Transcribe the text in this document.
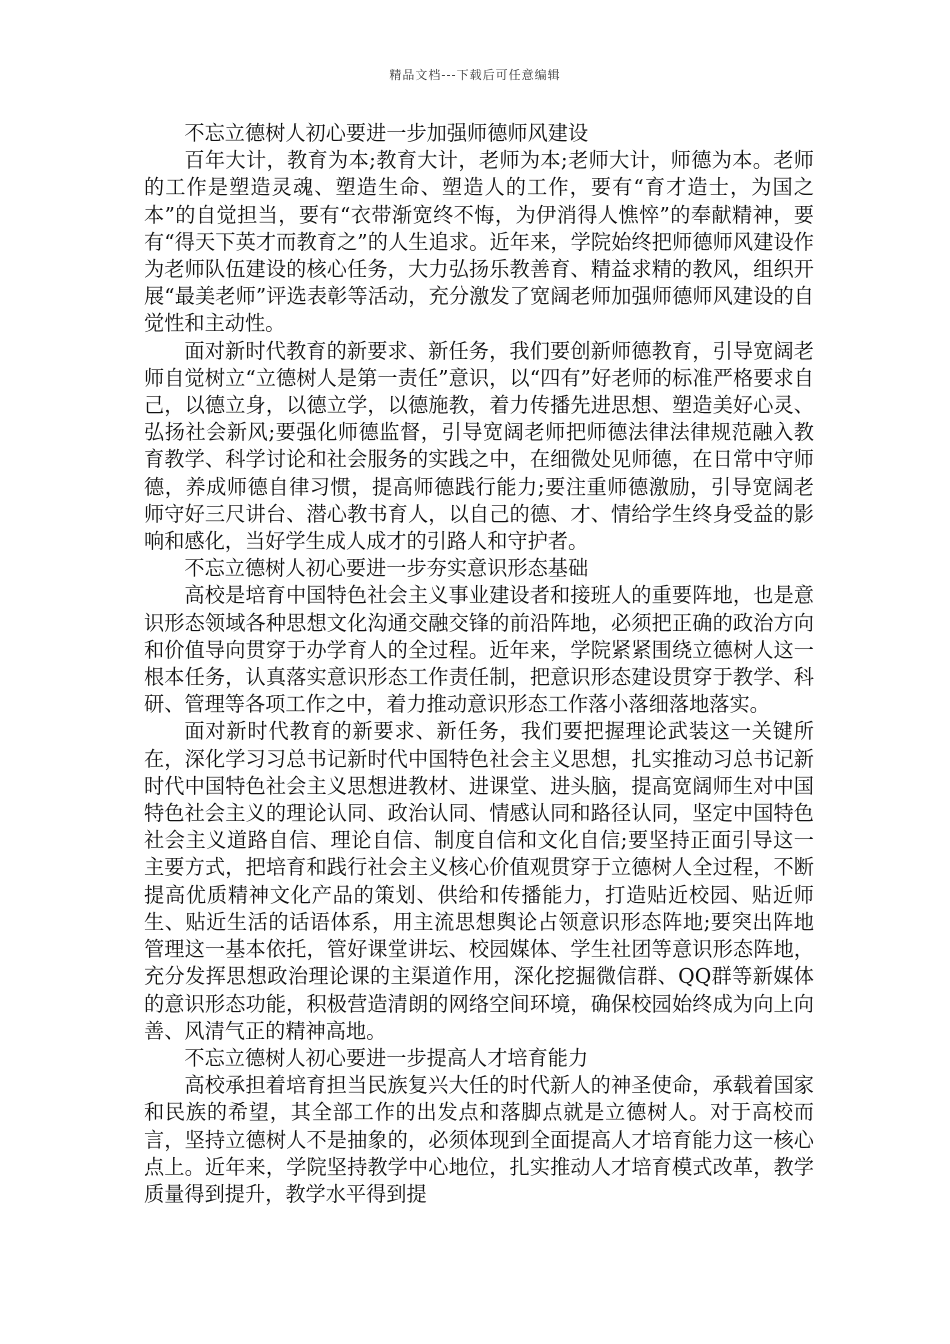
精品文档---下载后可任意编辑

不忘立德树人初心要进一步加强师德师风建设

百年大计，教育为本;教育大计，老师为本;老师大计，师德为本。老师的工作是塑造灵魂、塑造生命、塑造人的工作，要有“育才造士，为国之本”的自觉担当，要有“衣带渐宽终不悔，为伊消得人憔悴”的奉献精神，要有“得天下英才而教育之”的人生追求。近年来，学院始终把师德师风建设作为老师队伍建设的核心任务，大力弘扬乐教善育、精益求精的教风，组织开展“最美老师”评选表彰等活动，充分激发了宽阔老师加强师德师风建设的自觉性和主动性。

面对新时代教育的新要求、新任务，我们要创新师德教育，引导宽阔老师自觉树立“立德树人是第一责任”意识，以“四有”好老师的标准严格要求自己，以德立身，以德立学，以德施教，着力传播先进思想、塑造美好心灵、弘扬社会新风;要强化师德监督，引导宽阔老师把师德法律法律规范融入教育教学、科学讨论和社会服务的实践之中，在细微处见师德，在日常中守师德，养成师德自律习惯，提高师德践行能力;要注重师德激励，引导宽阔老师守好三尺讲台、潜心教书育人，以自己的德、才、情给学生终身受益的影响和感化，当好学生成人成才的引路人和守护者。

不忘立德树人初心要进一步夯实意识形态基础

高校是培育中国特色社会主义事业建设者和接班人的重要阵地，也是意识形态领域各种思想文化沟通交融交锋的前沿阵地，必须把正确的政治方向和价值导向贯穿于办学育人的全过程。近年来，学院紧紧围绕立德树人这一根本任务，认真落实意识形态工作责任制，把意识形态建设贯穿于教学、科研、管理等各项工作之中，着力推动意识形态工作落小落细落地落实。

面对新时代教育的新要求、新任务，我们要把握理论武装这一关键所在，深化学习习总书记新时代中国特色社会主义思想，扎实推动习总书记新时代中国特色社会主义思想进教材、进课堂、进头脑，提高宽阔师生对中国特色社会主义的理论认同、政治认同、情感认同和路径认同，坚定中国特色社会主义道路自信、理论自信、制度自信和文化自信;要坚持正面引导这一主要方式，把培育和践行社会主义核心价值观贯穿于立德树人全过程，不断提高优质精神文化产品的策划、供给和传播能力，打造贴近校园、贴近师生、贴近生活的话语体系，用主流思想舆论占领意识形态阵地;要突出阵地管理这一基本依托，管好课堂讲坛、校园媒体、学生社团等意识形态阵地，充分发挥思想政治理论课的主渠道作用，深化挖掘微信群、QQ群等新媒体的意识形态功能，积极营造清朗的网络空间环境，确保校园始终成为向上向善、风清气正的精神高地。

不忘立德树人初心要进一步提高人才培育能力

高校承担着培育担当民族复兴大任的时代新人的神圣使命，承载着国家和民族的希望，其全部工作的出发点和落脚点就是立德树人。对于高校而言，坚持立德树人不是抽象的，必须体现到全面提高人才培育能力这一核心点上。近年来，学院坚持教学中心地位，扎实推动人才培育模式改革，教学质量得到提升，教学水平得到提
